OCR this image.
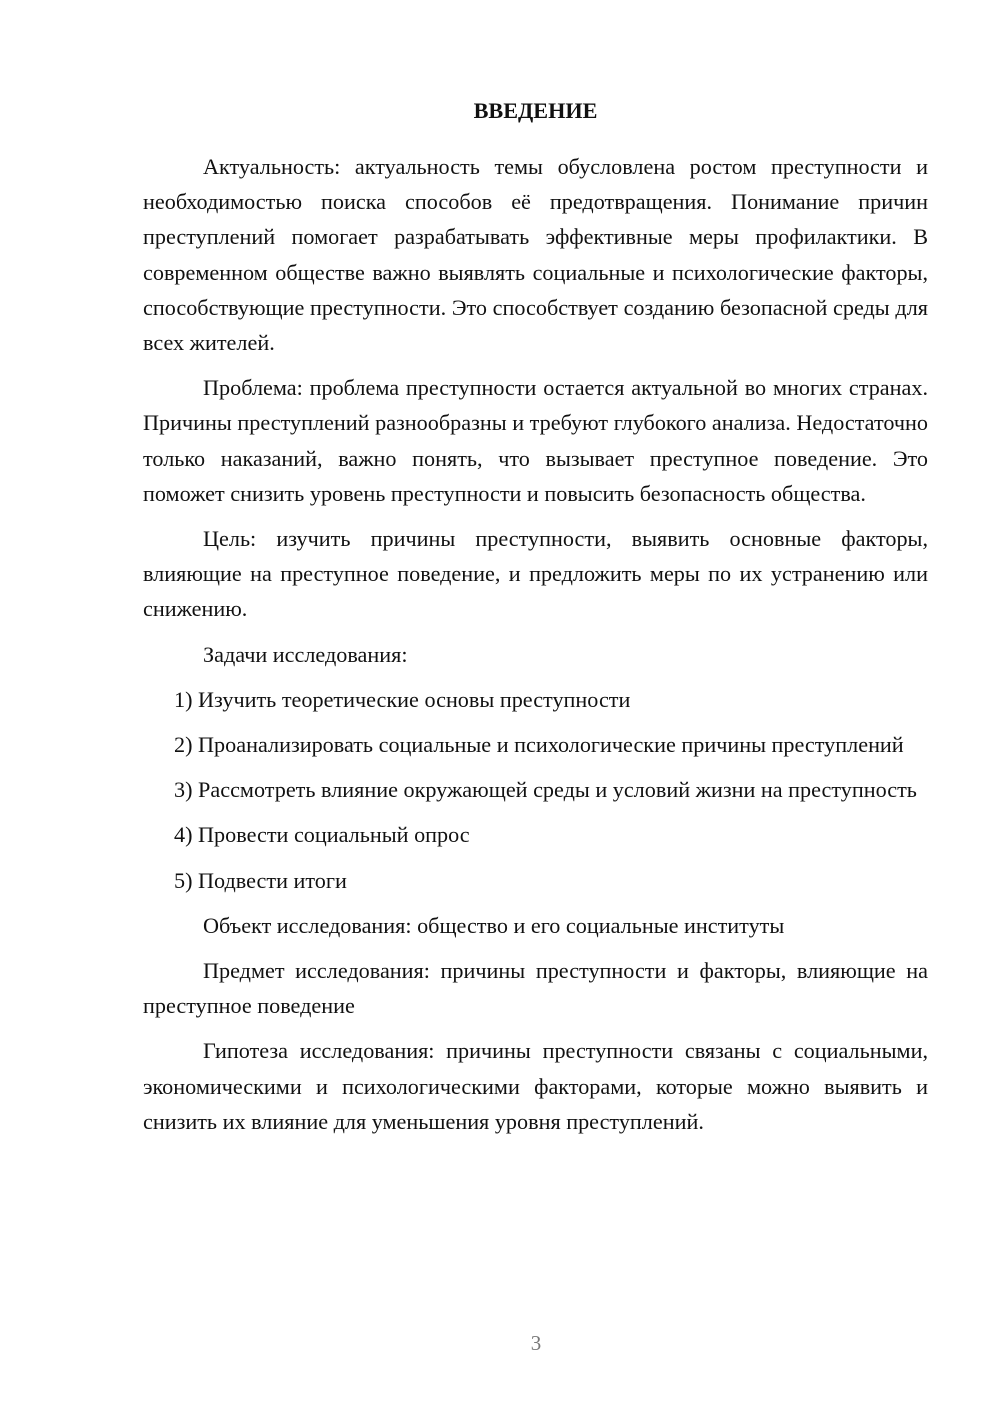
ВВЕДЕНИЕ

Актуальность: актуальность темы обусловлена ростом преступности и необходимостью поиска способов её предотвращения. Понимание причин преступлений помогает разрабатывать эффективные меры профилактики. В современном обществе важно выявлять социальные и психологические факторы, способствующие преступности. Это способствует созданию безопасной среды для всех жителей.

Проблема: проблема преступности остается актуальной во многих странах. Причины преступлений разнообразны и требуют глубокого анализа. Недостаточно только наказаний, важно понять, что вызывает преступное поведение. Это поможет снизить уровень преступности и повысить безопасность общества.

Цель: изучить причины преступности, выявить основные факторы, влияющие на преступное поведение, и предложить меры по их устранению или снижению.

Задачи исследования:

1) Изучить теоретические основы преступности

2) Проанализировать социальные и психологические причины преступлений

3) Рассмотреть влияние окружающей среды и условий жизни на преступность

4) Провести социальный опрос

5) Подвести итоги

Объект исследования: общество и его социальные институты

Предмет исследования: причины преступности и факторы, влияющие на преступное поведение

Гипотеза исследования: причины преступности связаны с социальными, экономическими и психологическими факторами, которые можно выявить и снизить их влияние для уменьшения уровня преступлений.

3
